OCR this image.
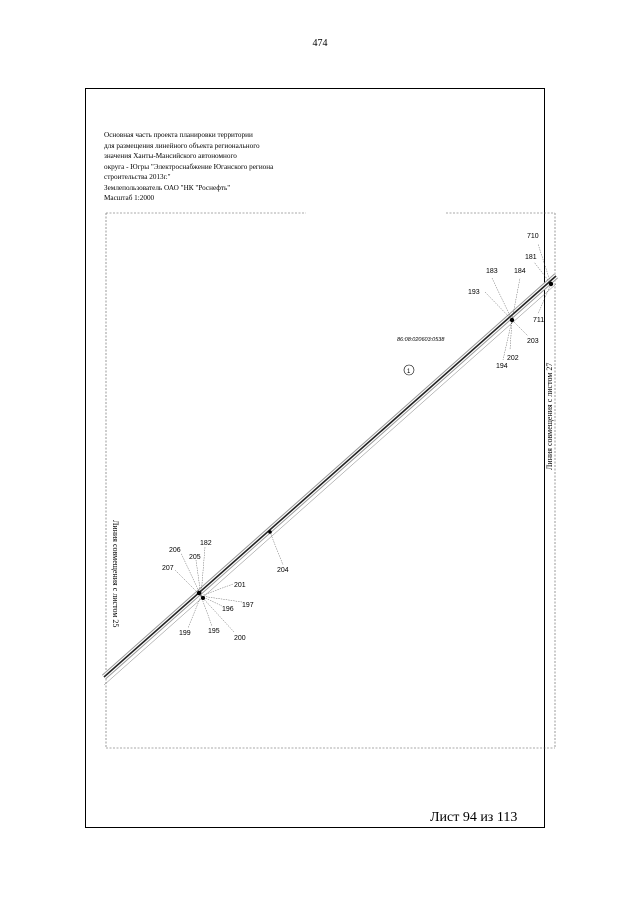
474
Основная часть проекта планировки территории
для размещения линейного объекта регионального
значения Ханты-Мансийского автономного
округа - Югры "Электроснабжение Юганского региона
строительства 2013г."
Землепользователь ОАО "НК "Роснефть"
Масштаб 1:2000
710
181
183 184
193
711
203
202
194
86:08:020603:0538
1
206
182
205
207
201
196
197
199 195
200
204
Линия совмещения с листом 25
Линия совмещения с листом 27
Лист 94 из 113
